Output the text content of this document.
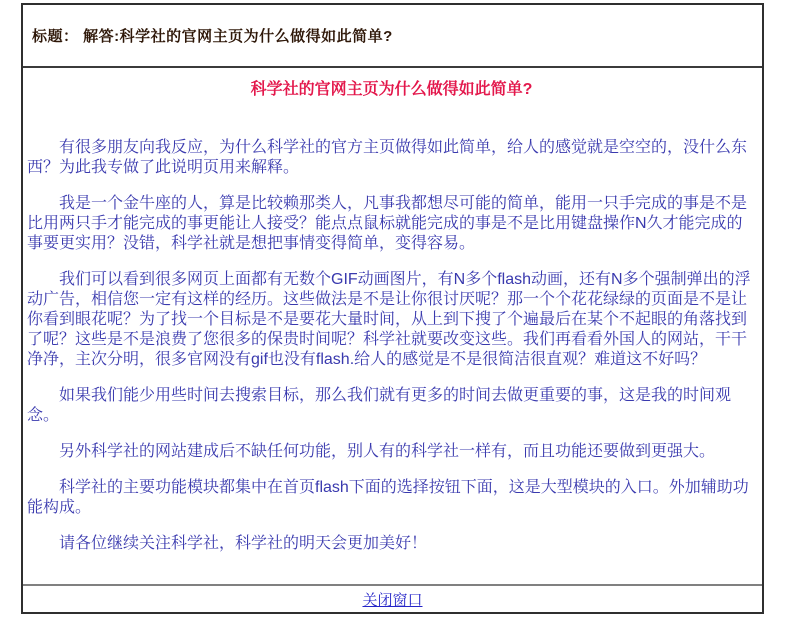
标题： 解答:科学社的官网主页为什么做得如此简单?
科学社的官网主页为什么做得如此简单?

有很多朋友向我反应，为什么科学社的官方主页做得如此简单，给人的感觉就是空空的，没什么东西？为此我专做了此说明页用来解释。

我是一个金牛座的人，算是比较赖那类人，凡事我都想尽可能的简单，能用一只手完成的事是不是比用两只手才能完成的事更能让人接受？能点点鼠标就能完成的事是不是比用键盘操作N久才能完成的事要更实用？没错，科学社就是想把事情变得简单，变得容易。

我们可以看到很多网页上面都有无数个GIF动画图片，有N多个flash动画，还有N多个强制弹出的浮动广告，相信您一定有这样的经历。这些做法是不是让你很讨厌呢？那一个个花花绿绿的页面是不是让你看到眼花呢？为了找一个目标是不是要花大量时间，从上到下搜了个遍最后在某个不起眼的角落找到了呢？这些是不是浪费了您很多的保贵时间呢？科学社就要改变这些。我们再看看外国人的网站，干干净净，主次分明，很多官网没有gif也没有flash.给人的感觉是不是很简洁很直观？难道这不好吗？

如果我们能少用些时间去搜索目标，那么我们就有更多的时间去做更重要的事，这是我的时间观念。

另外科学社的网站建成后不缺任何功能，别人有的科学社一样有，而且功能还要做到更强大。

科学社的主要功能模块都集中在首页flash下面的选择按钮下面，这是大型模块的入口。外加辅助功能构成。

请各位继续关注科学社，科学社的明天会更加美好！

关闭窗口
